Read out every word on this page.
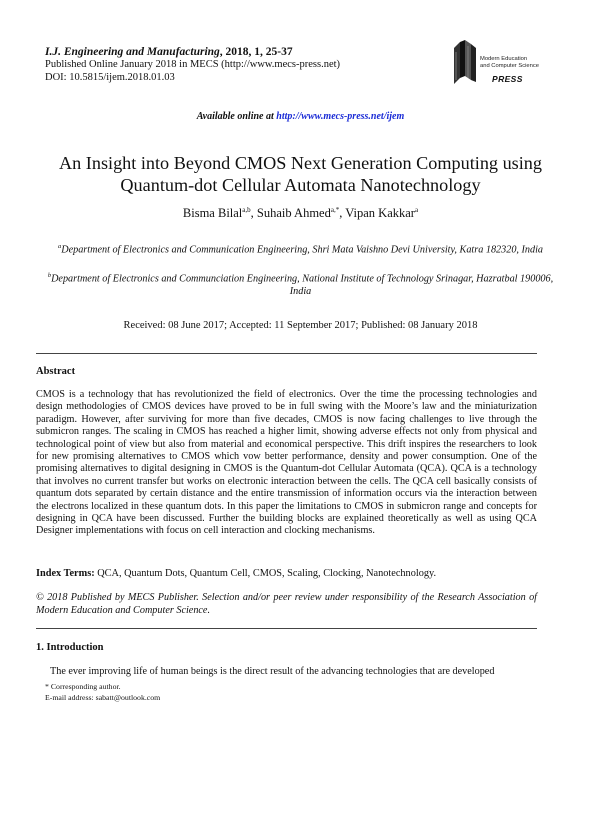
I.J. Engineering and Manufacturing, 2018, 1, 25-37
Published Online January 2018 in MECS (http://www.mecs-press.net)
DOI: 10.5815/ijem.2018.01.03
Modern Education
and Computer Science
PRESS
Available online at http://www.mecs-press.net/ijem
An Insight into Beyond CMOS Next Generation Computing using
Quantum-dot Cellular Automata Nanotechnology
Bisma Bilal$^{a,b}$, Suhaib Ahmed$^{a,*}$, Vipan Kakkar$^a$
$^a$Department of Electronics and Communication Engineering, Shri Mata Vaishno Devi University, Katra 182320, India
$^b$Department of Electronics and Communciation Engineering, National Institute of Technology Srinagar, Hazratbal 190006, India
Received: 08 June 2017; Accepted: 11 September 2017; Published: 08 January 2018
Abstract
CMOS is a technology that has revolutionized the field of electronics. Over the time the processing technologies and design methodologies of CMOS devices have proved to be in full swing with the Moore’s law and the miniaturization paradigm. However, after surviving for more than five decades, CMOS is now facing challenges to live through the submicron ranges. The scaling in CMOS has reached a higher limit, showing adverse effects not only from physical and technological point of view but also from material and economical perspective. This drift inspires the researchers to look for new promising alternatives to CMOS which vow better performance, density and power consumption. One of the promising alternatives to digital designing in CMOS is the Quantum-dot Cellular Automata (QCA). QCA is a technology that involves no current transfer but works on electronic interaction between the cells. The QCA cell basically consists of quantum dots separated by certain distance and the entire transmission of information occurs via the interaction between the electrons localized in these quantum dots. In this paper the limitations to CMOS in submicron range and concepts for designing in QCA have been discussed. Further the building blocks are explained theoretically as well as using QCA Designer implementations with focus on cell interaction and clocking mechanisms.
Index Terms: QCA, Quantum Dots, Quantum Cell, CMOS, Scaling, Clocking, Nanotechnology.
© 2018 Published by MECS Publisher. Selection and/or peer review under responsibility of the Research Association of Modern Education and Computer Science.
1. Introduction
The ever improving life of human beings is the direct result of the advancing technologies that are developed
* Corresponding author.
E-mail address: sabatt@outlook.com
